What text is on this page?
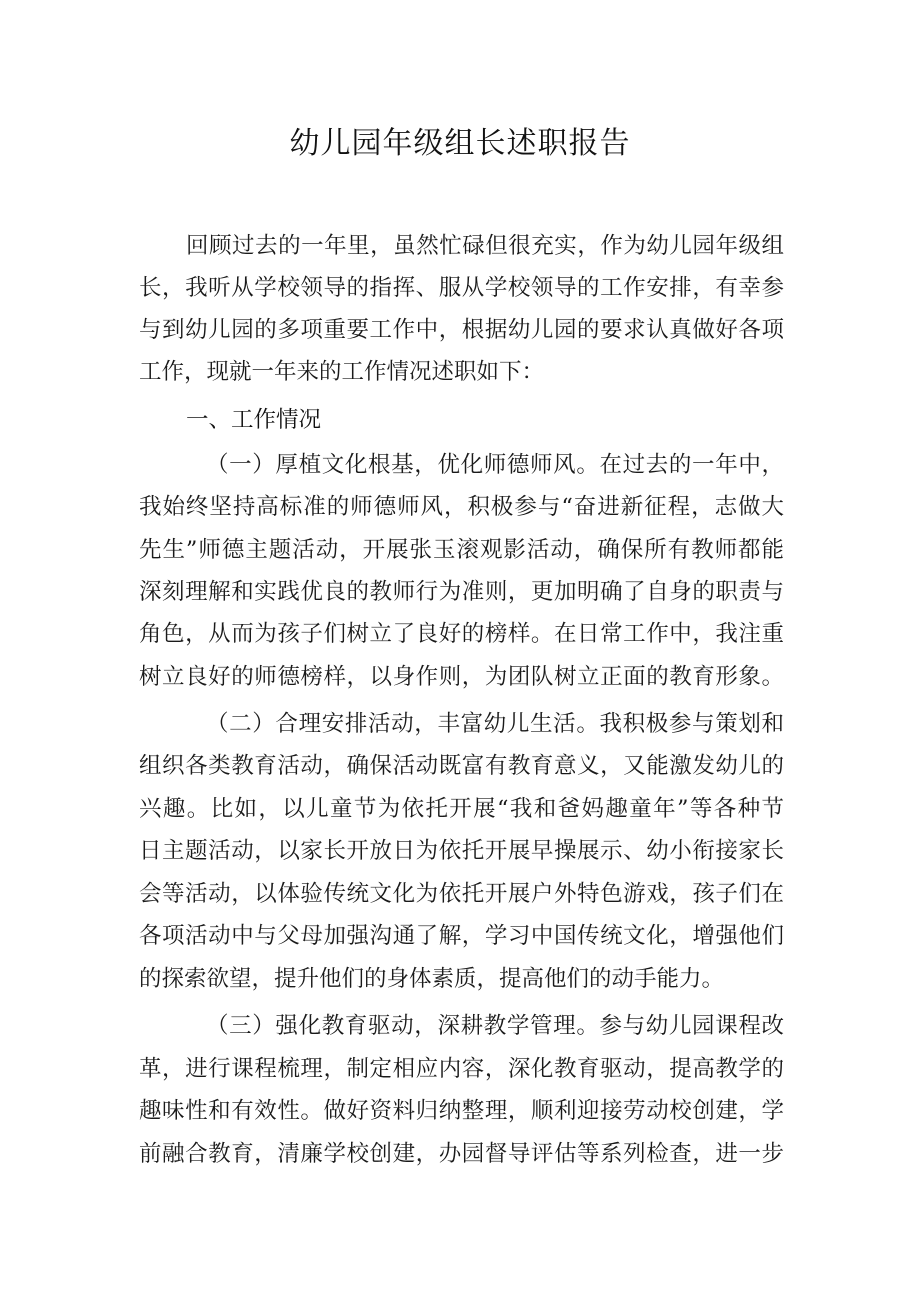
幼儿园年级组长述职报告
回顾过去的一年里，虽然忙碌但很充实，作为幼儿园年级组
长，我听从学校领导的指挥、服从学校领导的工作安排，有幸参
与到幼儿园的多项重要工作中，根据幼儿园的要求认真做好各项
工作，现就一年来的工作情况述职如下：
一、工作情况
（一）厚植文化根基，优化师德师风。在过去的一年中，
我始终坚持高标准的师德师风，积极参与“奋进新征程，志做大
先生”师德主题活动，开展张玉滚观影活动，确保所有教师都能
深刻理解和实践优良的教师行为准则，更加明确了自身的职责与
角色，从而为孩子们树立了良好的榜样。在日常工作中，我注重
树立良好的师德榜样，以身作则，为团队树立正面的教育形象。
（二）合理安排活动，丰富幼儿生活。我积极参与策划和
组织各类教育活动，确保活动既富有教育意义，又能激发幼儿的
兴趣。比如，以儿童节为依托开展“我和爸妈趣童年”等各种节
日主题活动，以家长开放日为依托开展早操展示、幼小衔接家长
会等活动，以体验传统文化为依托开展户外特色游戏，孩子们在
各项活动中与父母加强沟通了解，学习中国传统文化，增强他们
的探索欲望，提升他们的身体素质，提高他们的动手能力。
（三）强化教育驱动，深耕教学管理。参与幼儿园课程改
革，进行课程梳理，制定相应内容，深化教育驱动，提高教学的
趣味性和有效性。做好资料归纳整理，顺利迎接劳动校创建，学
前融合教育，清廉学校创建，办园督导评估等系列检查，进一步
